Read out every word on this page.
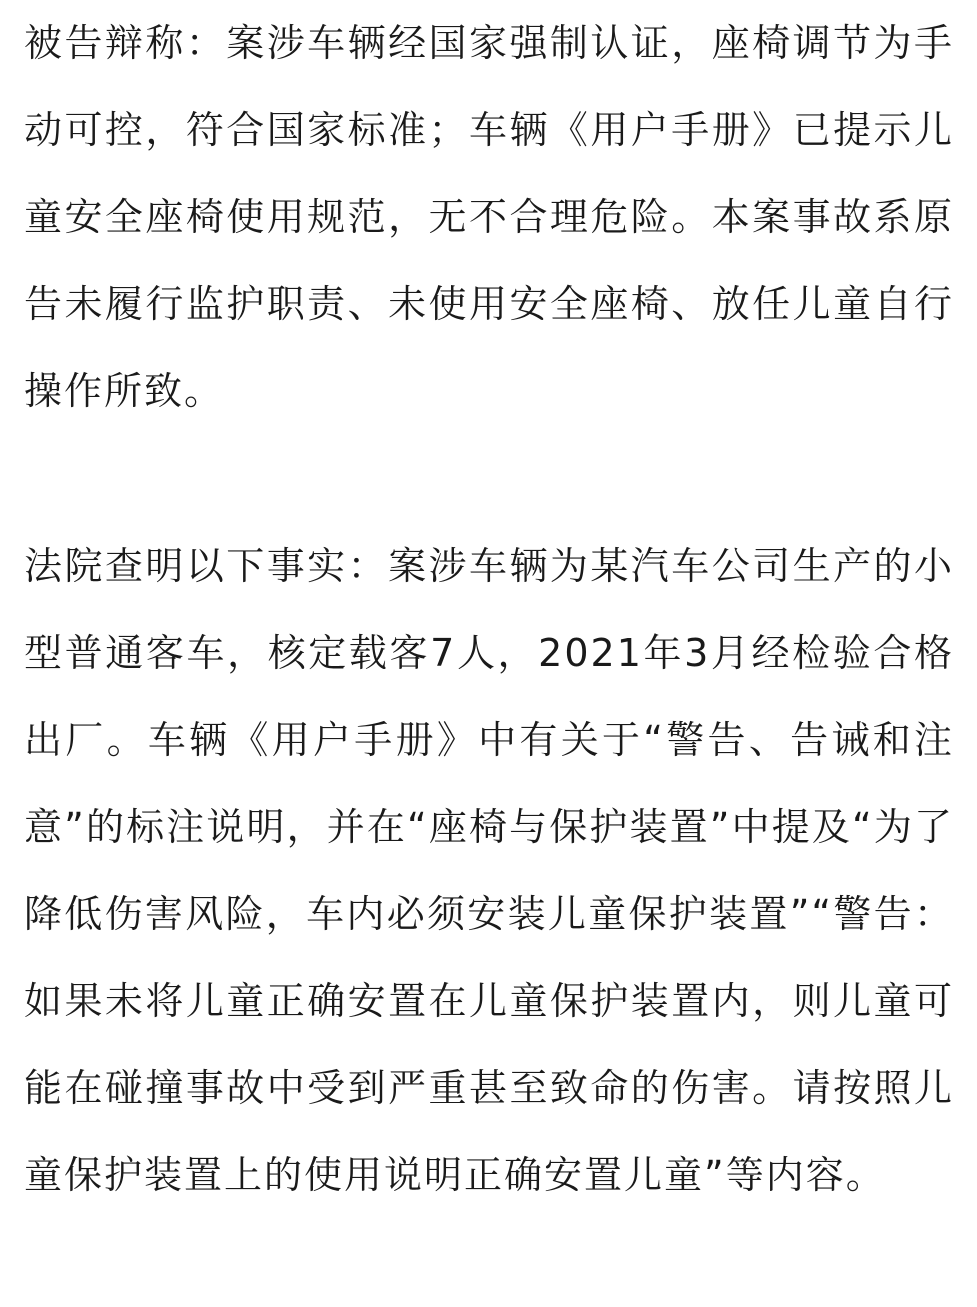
被告辩称：案涉车辆经国家强制认证，座椅调节为手动可控，符合国家标准；车辆《用户手册》已提示儿童安全座椅使用规范，无不合理危险。本案事故系原告未履行监护职责、未使用安全座椅、放任儿童自行操作所致。

法院查明以下事实：案涉车辆为某汽车公司生产的小型普通客车，核定载客7人，2021年3月经检验合格出厂。车辆《用户手册》中有关于“警告、告诫和注意”的标注说明，并在“座椅与保护装置”中提及“为了降低伤害风险，车内必须安装儿童保护装置”“警告：如果未将儿童正确安置在儿童保护装置内，则儿童可能在碰撞事故中受到严重甚至致命的伤害。请按照儿童保护装置上的使用说明正确安置儿童”等内容。
